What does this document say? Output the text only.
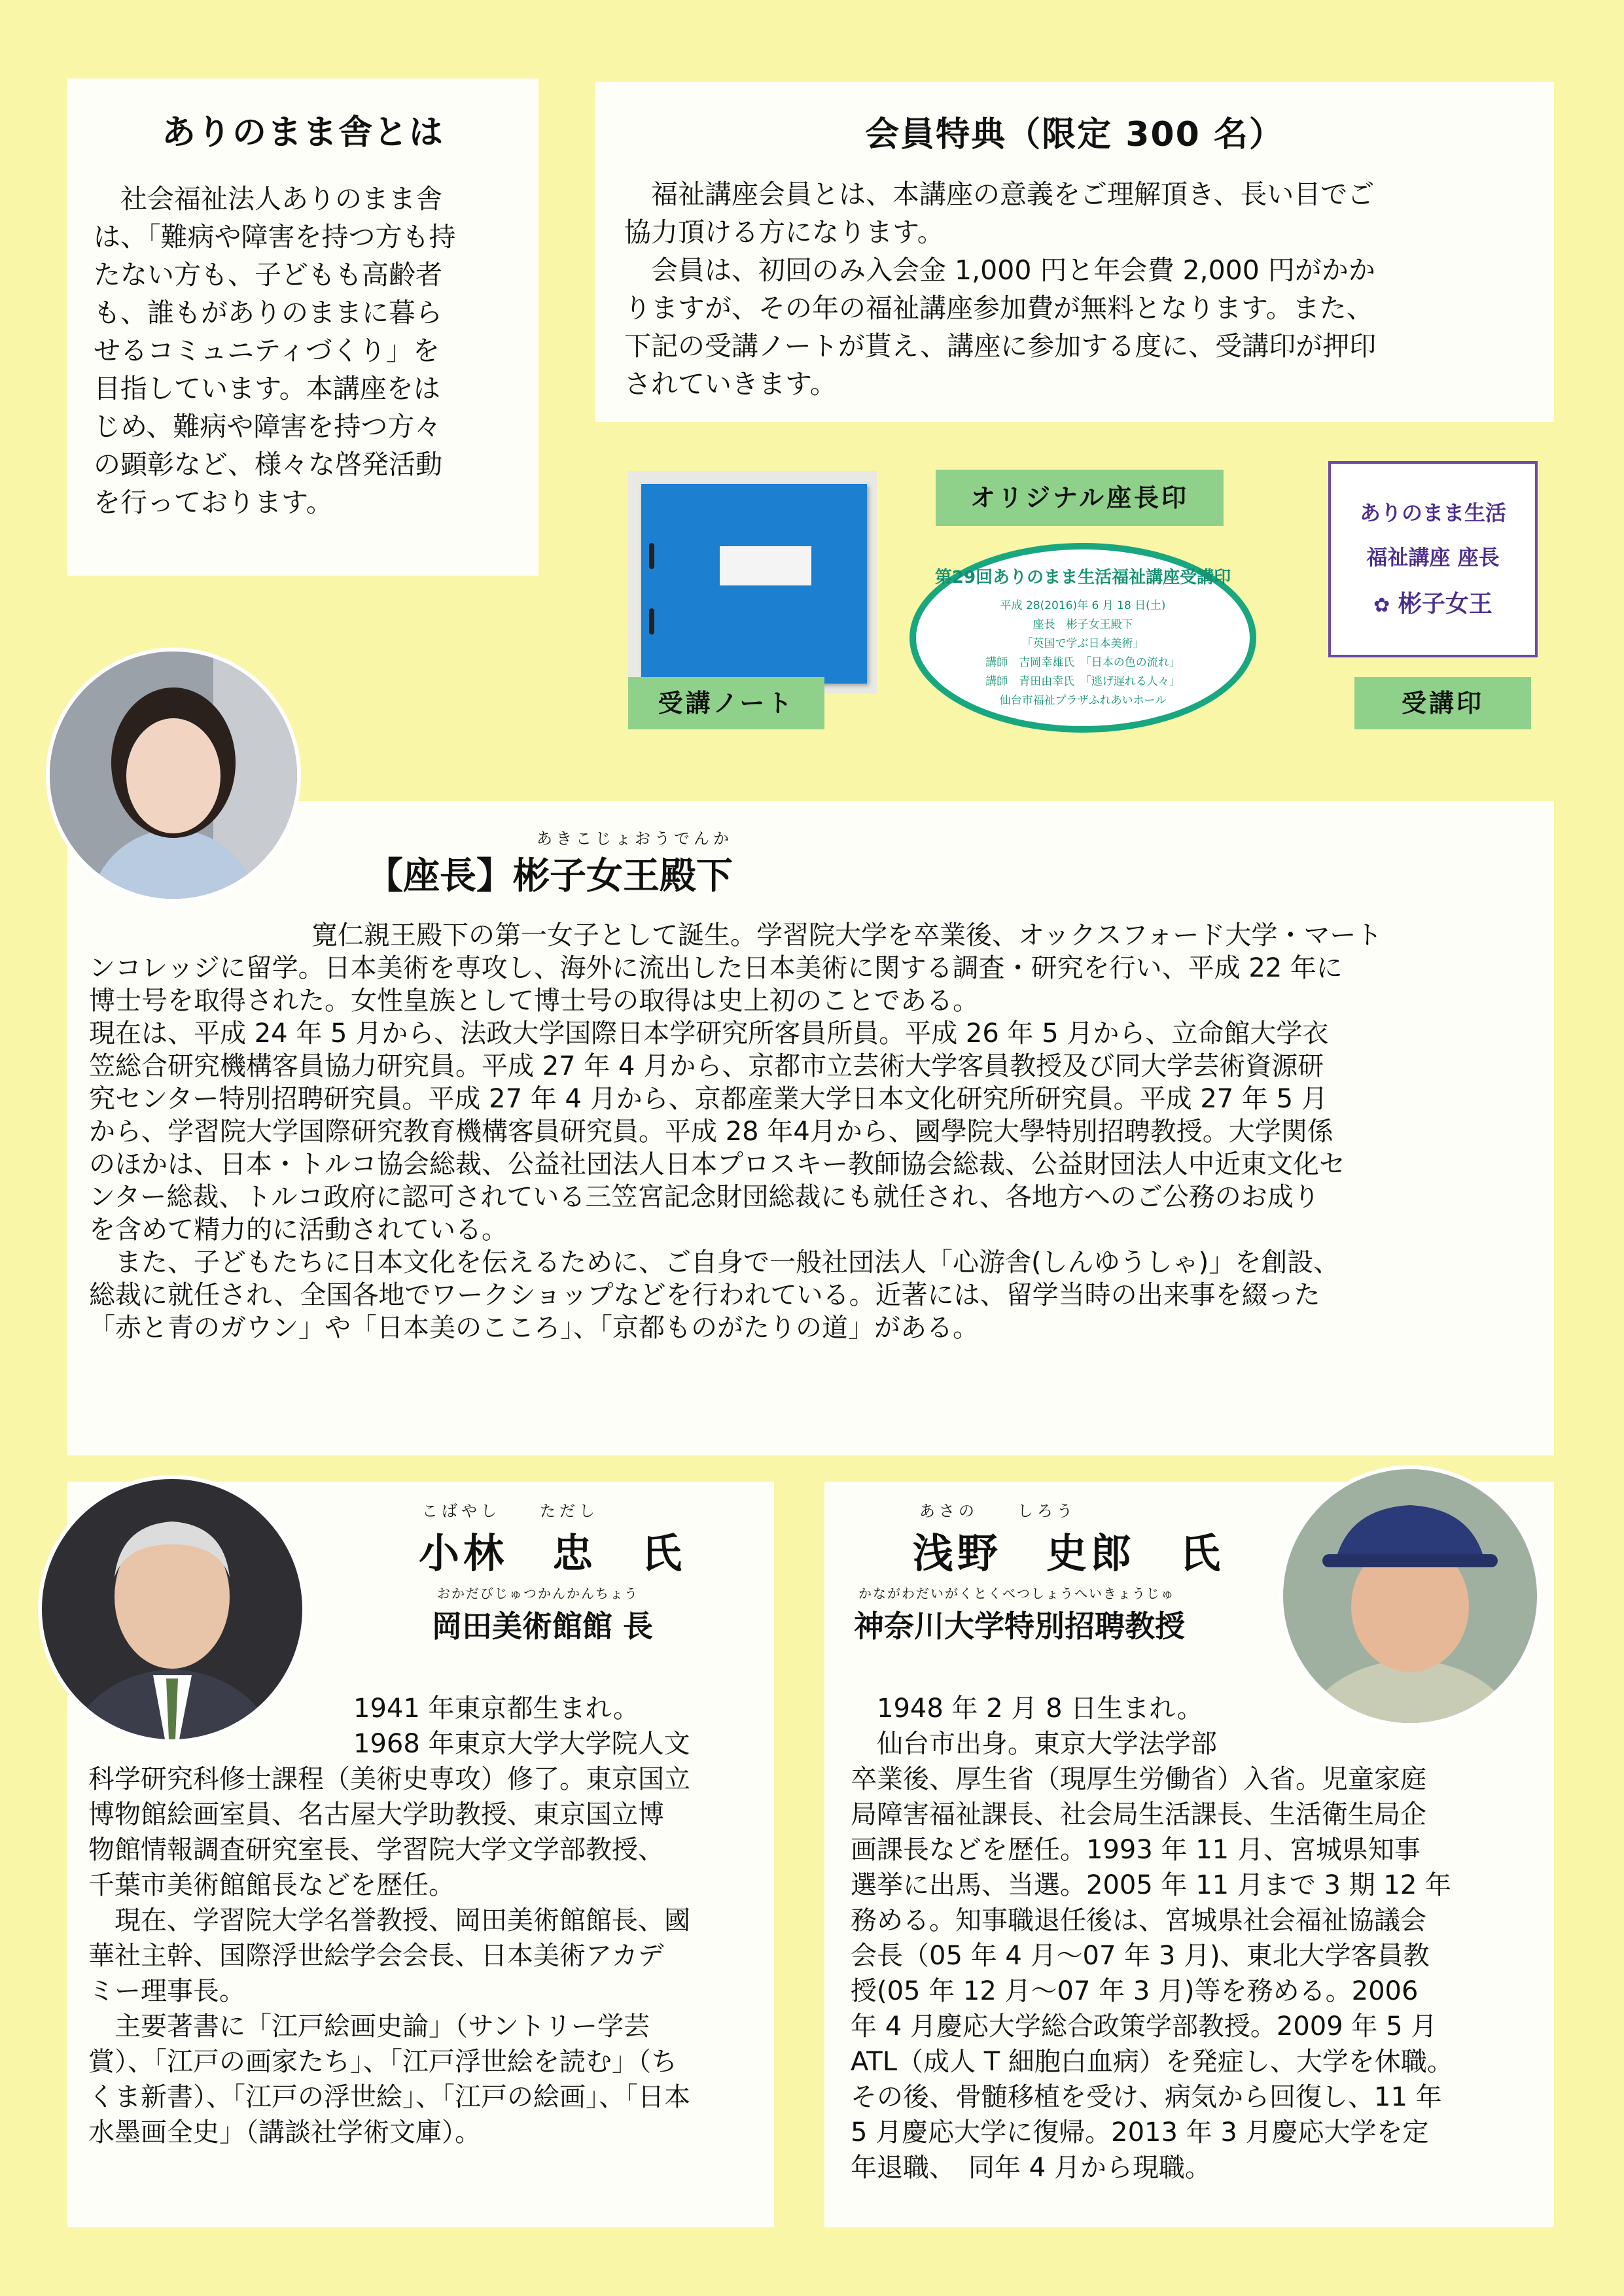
ありのまま舎とは

社会福祉法人ありのまま舎

は、「難病や障害を持つ方も持

たない方も、子どもも高齢者

も、誰もがありのままに暮ら

せるコミュニティづくり」を

目指しています。本講座をは

じめ、難病や障害を持つ方々

の顕彰など、様々な啓発活動

を行っております。

会員特典（限定 300 名）

福祉講座会員とは、本講座の意義をご理解頂き、長い目でご

協力頂ける方になります。

会員は、初回のみ入会金 1,000 円と年会費 2,000 円がかか

りますが、その年の福祉講座参加費が無料となります。また、

下記の受講ノートが貰え、講座に参加する度に、受講印が押印

されていきます。

受講ノート
オリジナル座長印
第29回ありのまま生活福祉講座受講印
平成 28(2016)年 6 月 18 日(土)
座長　彬子女王殿下
「英国で学ぶ日本美術」
講師　吉岡幸雄氏　「日本の色の流れ」
講師　青田由幸氏　「逃げ遅れる人々」
仙台市福祉プラザふれあいホール
ありのまま生活
福祉講座 座長
✿ 彬子女王
受講印
あきこじょおうでんか
【座長】彬子女王殿下

寛仁親王殿下の第一女子として誕生。学習院大学を卒業後、オックスフォード大学・マート

ンコレッジに留学。日本美術を専攻し、海外に流出した日本美術に関する調査・研究を行い、平成 22 年に

博士号を取得された。女性皇族として博士号の取得は史上初のことである。

現在は、平成 24 年 5 月から、法政大学国際日本学研究所客員所員。平成 26 年 5 月から、立命館大学衣

笠総合研究機構客員協力研究員。平成 27 年 4 月から、京都市立芸術大学客員教授及び同大学芸術資源研

究センター特別招聘研究員。平成 27 年 4 月から、京都産業大学日本文化研究所研究員。平成 27 年 5 月

から、学習院大学国際研究教育機構客員研究員。平成 28 年4月から、國學院大學特別招聘教授。大学関係

のほかは、日本・トルコ協会総裁、公益社団法人日本プロスキー教師協会総裁、公益財団法人中近東文化セ

ンター総裁、トルコ政府に認可されている三笠宮記念財団総裁にも就任され、各地方へのご公務のお成り

を含めて精力的に活動されている。

また、子どもたちに日本文化を伝えるために、ご自身で一般社団法人「心游舎(しんゆうしゃ)」を創設、

総裁に就任され、全国各地でワークショップなどを行われている。近著には、留学当時の出来事を綴った

「赤と青のガウン」や「日本美のこころ」、「京都ものがたりの道」がある。

こばやし　　ただし
小林　忠　氏
おかだびじゅつかんかんちょう
岡田美術館館 長

1941 年東京都生まれ。

1968 年東京大学大学院人文

科学研究科修士課程（美術史専攻）修了。東京国立

博物館絵画室員、名古屋大学助教授、東京国立博

物館情報調査研究室長、学習院大学文学部教授、

千葉市美術館館長などを歴任。

現在、学習院大学名誉教授、岡田美術館館長、國

華社主幹、国際浮世絵学会会長、日本美術アカデ

ミー理事長。

主要著書に「江戸絵画史論」（サントリー学芸

賞）、「江戸の画家たち」、「江戸浮世絵を読む」（ち

くま新書）、「江戸の浮世絵」、「江戸の絵画」、「日本

水墨画全史」（講談社学術文庫）。

あさの　　しろう
浅野　史郎　氏
かながわだいがくとくべつしょうへいきょうじゅ
神奈川大学特別招聘教授

1948 年 2 月 8 日生まれ。

仙台市出身。東京大学法学部

卒業後、厚生省（現厚生労働省）入省。児童家庭

局障害福祉課長、社会局生活課長、生活衛生局企

画課長などを歴任。1993 年 11 月、宮城県知事

選挙に出馬、当選。2005 年 11 月まで 3 期 12 年

務める。知事職退任後は、宮城県社会福祉協議会

会長（05 年 4 月～07 年 3 月)、東北大学客員教

授(05 年 12 月～07 年 3 月)等を務める。2006

年 4 月慶応大学総合政策学部教授。2009 年 5 月

ATL（成人 T 細胞白血病）を発症し、大学を休職。

その後、骨髄移植を受け、病気から回復し、11 年

5 月慶応大学に復帰。2013 年 3 月慶応大学を定

年退職、　同年 4 月から現職。
